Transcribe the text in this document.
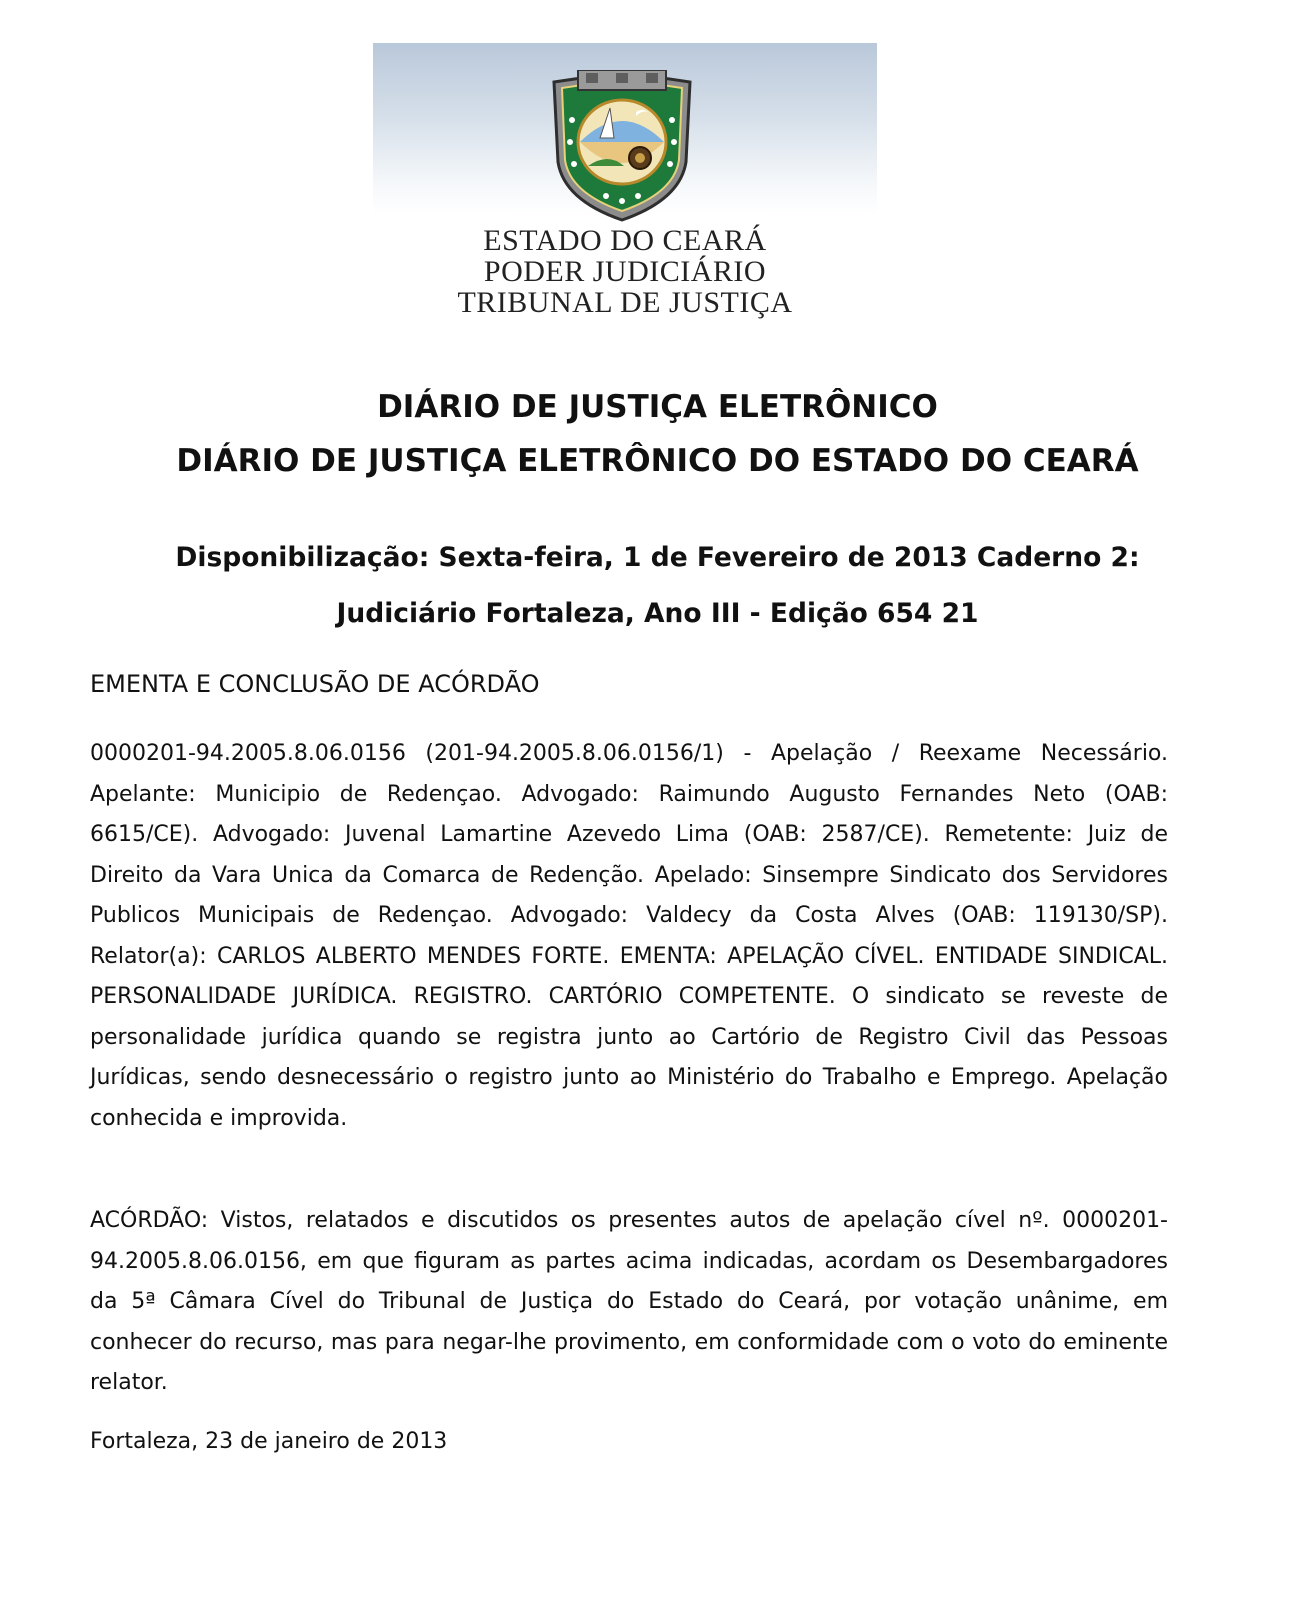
ESTADO DO CEARÁ
PODER JUDICIÁRIO
TRIBUNAL DE JUSTIÇA
DIÁRIO DE JUSTIÇA ELETRÔNICO
DIÁRIO DE JUSTIÇA ELETRÔNICO DO ESTADO DO CEARÁ
Disponibilização: Sexta-feira, 1 de Fevereiro de 2013 Caderno 2:
Judiciário Fortaleza, Ano III - Edição 654 21
EMENTA E CONCLUSÃO DE ACÓRDÃO

0000201-94.2005.8.06.0156 (201-94.2005.8.06.0156/1) - Apelação / Reexame Necessário. Apelante: Municipio de Redençao. Advogado: Raimundo Augusto Fernandes Neto (OAB: 6615/CE). Advogado: Juvenal Lamartine Azevedo Lima (OAB: 2587/CE). Remetente: Juiz de Direito da Vara Unica da Comarca de Redenção. Apelado: Sinsempre Sindicato dos Servidores Publicos Municipais de Redençao. Advogado: Valdecy da Costa Alves (OAB: 119130/SP). Relator(a): CARLOS ALBERTO MENDES FORTE. EMENTA: APELAÇÃO CÍVEL. ENTIDADE SINDICAL. PERSONALIDADE JURÍDICA. REGISTRO. CARTÓRIO COMPETENTE. O sindicato se reveste de personalidade jurídica quando se registra junto ao Cartório de Registro Civil das Pessoas Jurídicas, sendo desnecessário o registro junto ao Ministério do Trabalho e Emprego. Apelação conhecida e improvida.

ACÓRDÃO: Vistos, relatados e discutidos os presentes autos de apelação cível nº. 0000201-94.2005.8.06.0156, em que figuram as partes acima indicadas, acordam os Desembargadores da 5ª Câmara Cível do Tribunal de Justiça do Estado do Ceará, por votação unânime, em conhecer do recurso, mas para negar-lhe provimento, em conformidade com o voto do eminente relator.

Fortaleza, 23 de janeiro de 2013
